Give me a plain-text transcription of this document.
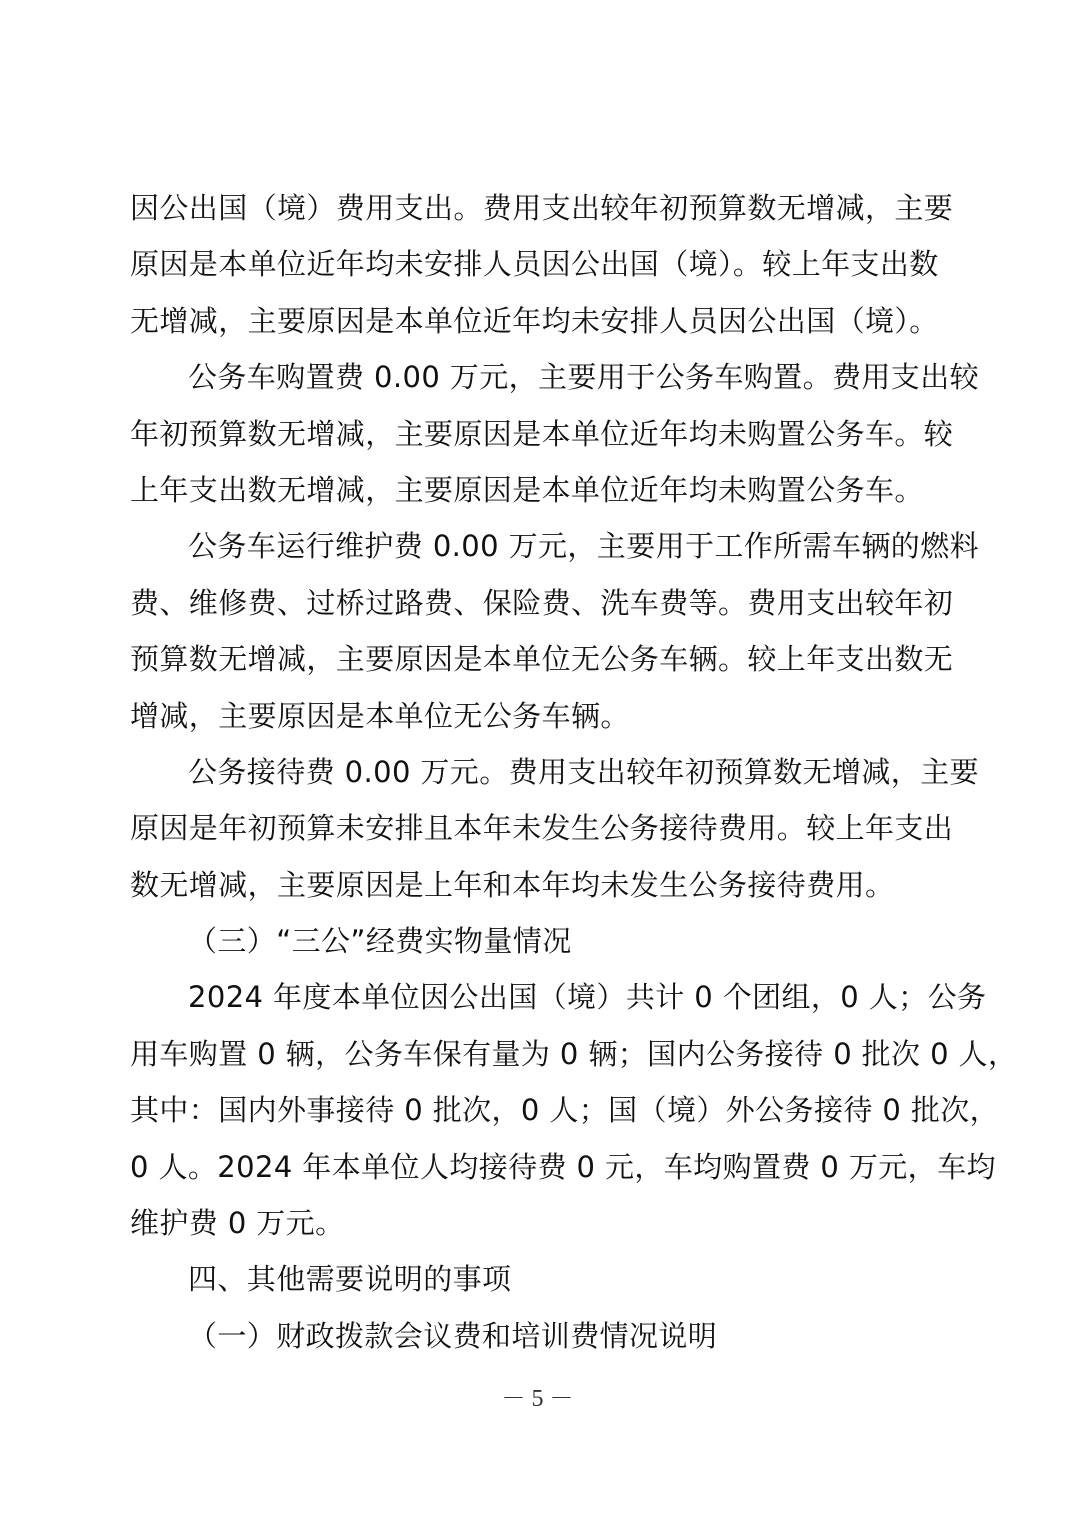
因公出国（境）费用支出。费用支出较年初预算数无增减，主要
原因是本单位近年均未安排人员因公出国（境）。较上年支出数
无增减，主要原因是本单位近年均未安排人员因公出国（境）。
公务车购置费 0.00 万元，主要用于公务车购置。费用支出较
年初预算数无增减，主要原因是本单位近年均未购置公务车。较
上年支出数无增减，主要原因是本单位近年均未购置公务车。
公务车运行维护费 0.00 万元，主要用于工作所需车辆的燃料
费、维修费、过桥过路费、保险费、洗车费等。费用支出较年初
预算数无增减，主要原因是本单位无公务车辆。较上年支出数无
增减，主要原因是本单位无公务车辆。
公务接待费 0.00 万元。费用支出较年初预算数无增减，主要
原因是年初预算未安排且本年未发生公务接待费用。较上年支出
数无增减，主要原因是上年和本年均未发生公务接待费用。
（三）“三公”经费实物量情况
2024 年度本单位因公出国（境）共计 0 个团组，0 人；公务
用车购置 0 辆，公务车保有量为 0 辆；国内公务接待 0 批次 0 人，
其中：国内外事接待 0 批次，0 人；国（境）外公务接待 0 批次，
0 人。2024 年本单位人均接待费 0 元，车均购置费 0 万元，车均
维护费 0 万元。
四、其他需要说明的事项
（一）财政拨款会议费和培训费情况说明
－ 5 －
